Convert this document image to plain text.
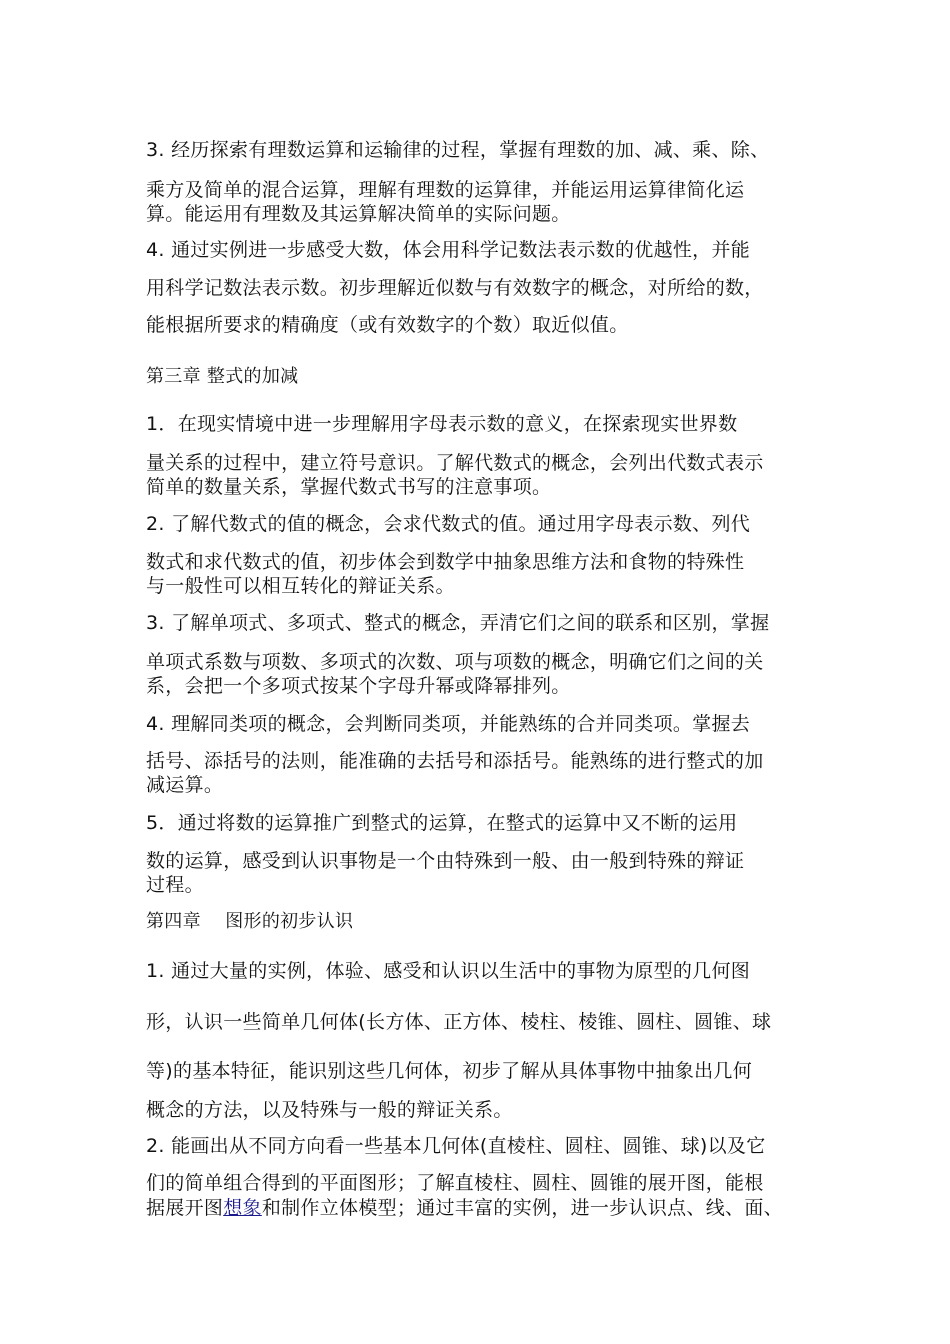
3. 经历探索有理数运算和运输律的过程，掌握有理数的加、减、乘、除、
乘方及简单的混合运算，理解有理数的运算律，并能运用运算律简化运
算。能运用有理数及其运算解决简单的实际问题。
4. 通过实例进一步感受大数，体会用科学记数法表示数的优越性，并能
用科学记数法表示数。初步理解近似数与有效数字的概念，对所给的数，
能根据所要求的精确度（或有效数字的个数）取近似值。
第三章 整式的加减
1．在现实情境中进一步理解用字母表示数的意义，在探索现实世界数
量关系的过程中，建立符号意识。了解代数式的概念，会列出代数式表示
简单的数量关系，掌握代数式书写的注意事项。
2. 了解代数式的值的概念，会求代数式的值。通过用字母表示数、列代
数式和求代数式的值，初步体会到数学中抽象思维方法和食物的特殊性
与一般性可以相互转化的辩证关系。
3. 了解单项式、多项式、整式的概念，弄清它们之间的联系和区别，掌握
单项式系数与项数、多项式的次数、项与项数的概念，明确它们之间的关
系，会把一个多项式按某个字母升幂或降幂排列。
4. 理解同类项的概念，会判断同类项，并能熟练的合并同类项。掌握去
括号、添括号的法则，能准确的去括号和添括号。能熟练的进行整式的加
减运算。
5．通过将数的运算推广到整式的运算，在整式的运算中又不断的运用
数的运算，感受到认识事物是一个由特殊到一般、由一般到特殊的辩证
过程。
第四章　 图形的初步认识
1. 通过大量的实例，体验、感受和认识以生活中的事物为原型的几何图
形，认识一些简单几何体(长方体、正方体、棱柱、棱锥、圆柱、圆锥、球
等)的基本特征，能识别这些几何体，初步了解从具体事物中抽象出几何
概念的方法，以及特殊与一般的辩证关系。
2. 能画出从不同方向看一些基本几何体(直棱柱、圆柱、圆锥、球)以及它
们的简单组合得到的平面图形；了解直棱柱、圆柱、圆锥的展开图，能根
据展开图想象和制作立体模型；通过丰富的实例，进一步认识点、线、面、
